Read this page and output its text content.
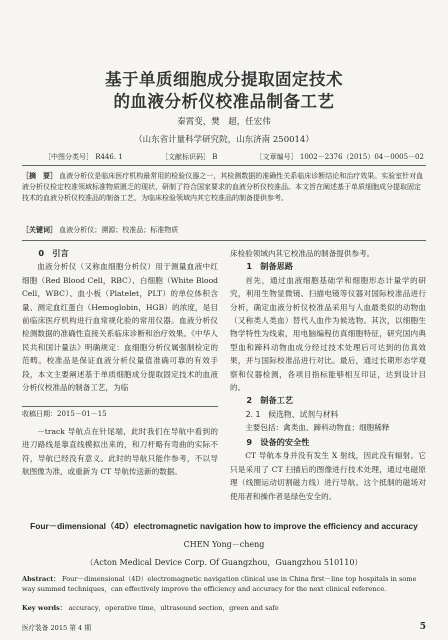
基于单质细胞成分提取固定技术
的血液分析仪校准品制备工艺
秦霄变，樊　超，任宏伟
（山东省计量科学研究院，山东济南 250014）
［中图分类号］ R446. 1	［文献标识码］ B	［文章编号］ 1002－2376（2015）04－0005－02
［摘　要］ 血液分析仪是临床医疗机构最常用的检验仪器之一，其检测数据的准确性关系临床诊断结论和治疗效果。实验室针对血液分析仪检定校准领域标准物质匮乏的现状，研制了符合国家要求的血液分析仪校准品。本文旨在阐述基于单质细胞成分提取固定技术的血液分析仪校准品的制备工艺，为临床检验领域内其它校准品的制备提供参考。
［关键词］ 血液分析仪；溯源；校准品；标准物质

0　引言

血液分析仪（又称血细胞分析仪）用于测量血液中红细胞（Red Blood Cell，RBC）、白细胞（White Blood Cell，WBC）、血小板（Platelet，PLT）的单位体积含量、测定血红蛋白（Hemoglobin，HGB）的浓度，是目前临床医疗机构进行血常规化验的常用仪器。血液分析仪检测数据的准确性直接关系临床诊断和治疗效果。《中华人民共和国计量法》明确规定：血细胞分析仪属强制检定的范畴。校准品是保证血液分析仪量值准确可靠的有效手段，本文主要阐述基于单质细胞成分提取固定技术的血液分析仪校准品的制备工艺，为临

收稿日期：2015－01－15

－track 导航点在针尾端，此时我们在导航中看到的进刀路线是靠直线模拟出来的，和刀杆略有弯曲的实际不符，导航已经没有意义。此时的导航只能作参考，不以导航图像为准，或重新为 CT 导航传送新的数据。

床检验领域内其它校准品的制备提供参考。

1　制备思路

首先，通过血液细胞基础学和细胞形态计量学的研究，利用生物显微镜、扫描电镜等仪器对国际校准品进行分析，确定血液分析仪校准品采用与人血最类似的动物血（又称类人类血）替代人血作为候选物。其次，以细胞生物学特性为线索，用电脑编程仿真细胞特征，研究国内典型血和蹄科动物血成分经过技术处理后可达到的仿真效果，并与国际校准品进行对比。最后，通过长期形态学观察和仪器检测，各项目指标能够相互印证，达到设计目的。

2　制备工艺

2. 1　候选物、试剂与材料

主要包括：禽类血、蹄科动物血；细胞稀释

9　设备的安全性

CT 导航本身并没有发生 X 射线，因此没有辐射。它只是采用了 CT 扫描后的图像进行技术处理，通过电磁原理（线圈运动切割磁力线）进行导航。这个抵制的磁场对使用者和操作者是绿色安全的。

Four－dimensional（4D）electromagnetic navigation how to improve the efficiency and accuracy
CHEN Yong－cheng
（Acton Medical Device Corp. Of Guangzhou，Guangzhou 510110）
Abstract： Four－dimensional（4D）electromagnetic navigation clinical use in China first－line top hospitals in some way summed techniques，can effectively improve the efficiency and accuracy for the next clinical reference.
Key words： accuracy，operative time，ultrasound section，green and safe
医疗装备 2015 第 4 期	5
